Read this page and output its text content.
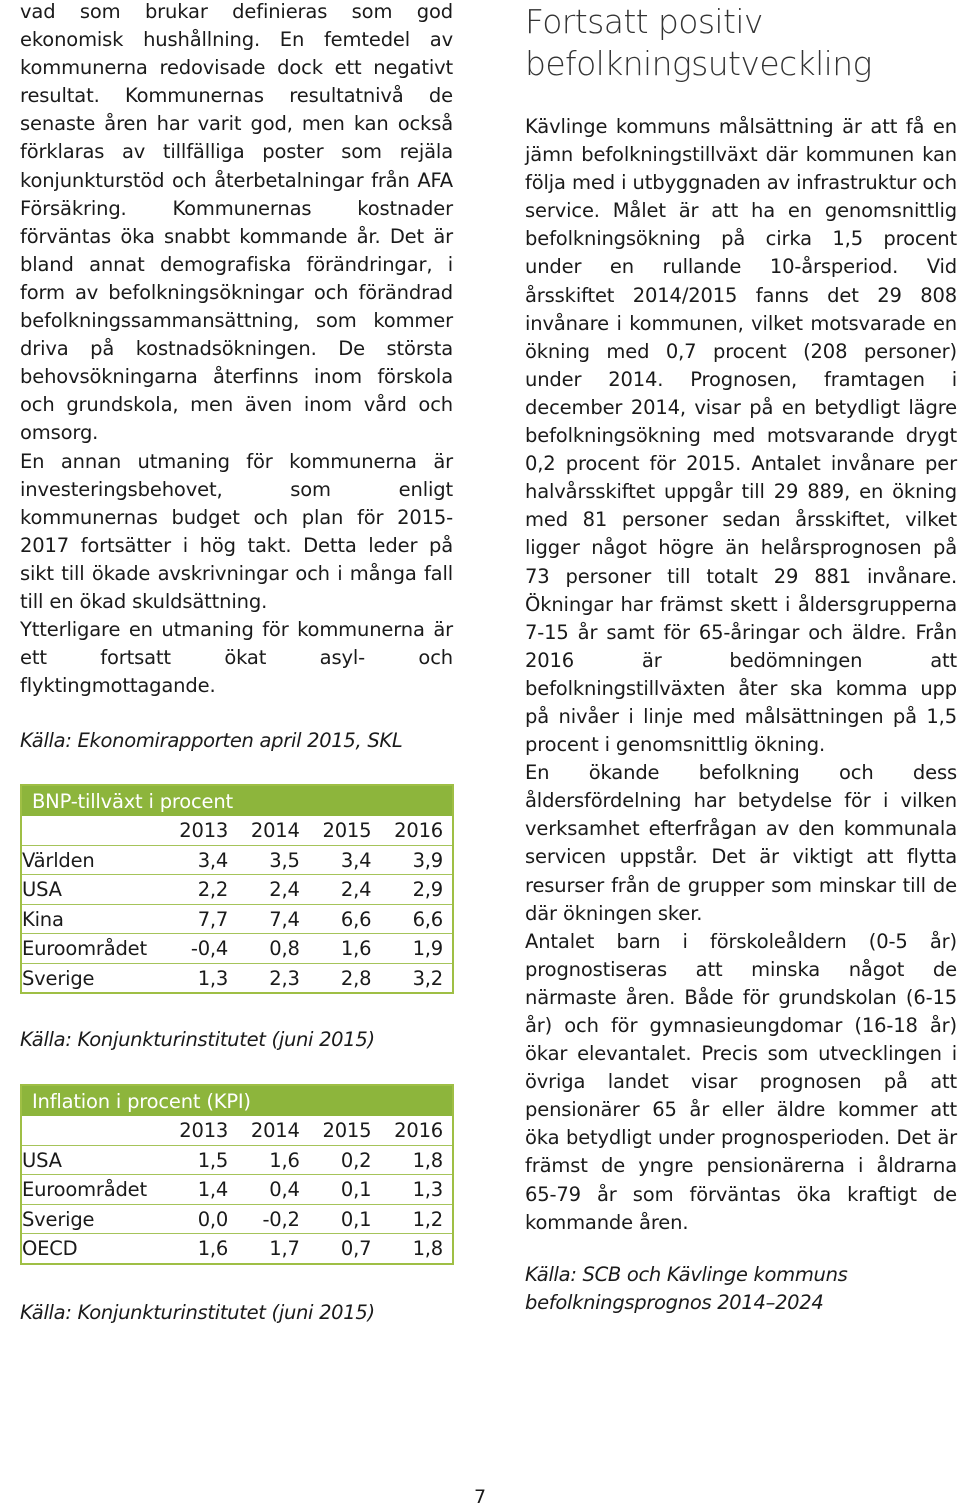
vad som brukar definieras som god ekonomisk hushållning. En femtedel av kommunerna redovisade dock ett negativt resultat. Kommunernas resultatnivå de senaste åren har varit god, men kan också förklaras av tillfälliga poster som rejäla konjunkturstöd och återbetalningar från AFA Försäkring. Kommunernas kostnader förväntas öka snabbt kommande år. Det är bland annat demografiska förändringar, i form av befolkningsökningar och förändrad befolkningssammansättning, som kommer driva på kostnadsökningen. De största behovsökningarna återfinns inom förskola och grundskola, men även inom vård och omsorg.

En annan utmaning för kommunerna är investeringsbehovet, som enligt kommunernas budget och plan för 2015-2017 fortsätter i hög takt. Detta leder på sikt till ökade avskrivningar och i många fall till en ökad skuldsättning.

Ytterligare en utmaning för kommunerna är ett fortsatt ökat asyl- och flyktingmottagande.

Källa: Ekonomirapporten april 2015, SKL

BNP-tillväxt i procent				
	2013	2014	2015	2016
Världen	3,4	3,5	3,4	3,9
USA	2,2	2,4	2,4	2,9
Kina	7,7	7,4	6,6	6,6
Euroområdet	-0,4	0,8	1,6	1,9
Sverige	1,3	2,3	2,8	3,2

Källa: Konjunkturinstitutet (juni 2015)

Inflation i procent (KPI)				
	2013	2014	2015	2016
USA	1,5	1,6	0,2	1,8
Euroområdet	1,4	0,4	0,1	1,3
Sverige	0,0	-0,2	0,1	1,2
OECD	1,6	1,7	0,7	1,8

Källa: Konjunkturinstitutet (juni 2015)

Fortsatt positiv befolkningsutveckling

Kävlinge kommuns målsättning är att få en jämn befolkningstillväxt där kommunen kan följa med i utbyggnaden av infrastruktur och service. Målet är att ha en genomsnittlig befolkningsökning på cirka 1,5 procent under en rullande 10-årsperiod. Vid årsskiftet 2014/2015 fanns det 29 808 invånare i kommunen, vilket motsvarade en ökning med 0,7 procent (208 personer) under 2014. Prognosen, framtagen i december 2014, visar på en betydligt lägre befolkningsökning med motsvarande drygt 0,2 procent för 2015. Antalet invånare per halvårsskiftet uppgår till 29 889, en ökning med 81 personer sedan årsskiftet, vilket ligger något högre än helårsprognosen på 73 personer till totalt 29 881 invånare. Ökningar har främst skett i åldersgrupperna 7-15 år samt för 65-åringar och äldre. Från 2016 är bedömningen att befolkningstillväxten åter ska komma upp på nivåer i linje med målsättningen på 1,5 procent i genomsnittlig ökning.

En ökande befolkning och dess åldersfördelning har betydelse för i vilken verksamhet efterfrågan av den kommunala servicen uppstår. Det är viktigt att flytta resurser från de grupper som minskar till de där ökningen sker.

Antalet barn i förskoleåldern (0-5 år) prognostiseras att minska något de närmaste åren. Både för grundskolan (6-15 år) och för gymnasieungdomar (16-18 år) ökar elevantalet. Precis som utvecklingen i övriga landet visar prognosen på att pensionärer 65 år eller äldre kommer att öka betydligt under prognosperioden. Det är främst de yngre pensionärerna i åldrarna 65-79 år som förväntas öka kraftigt de kommande åren.

Källa: SCB och Kävlinge kommuns befolkningsprognos 2014–2024

7
